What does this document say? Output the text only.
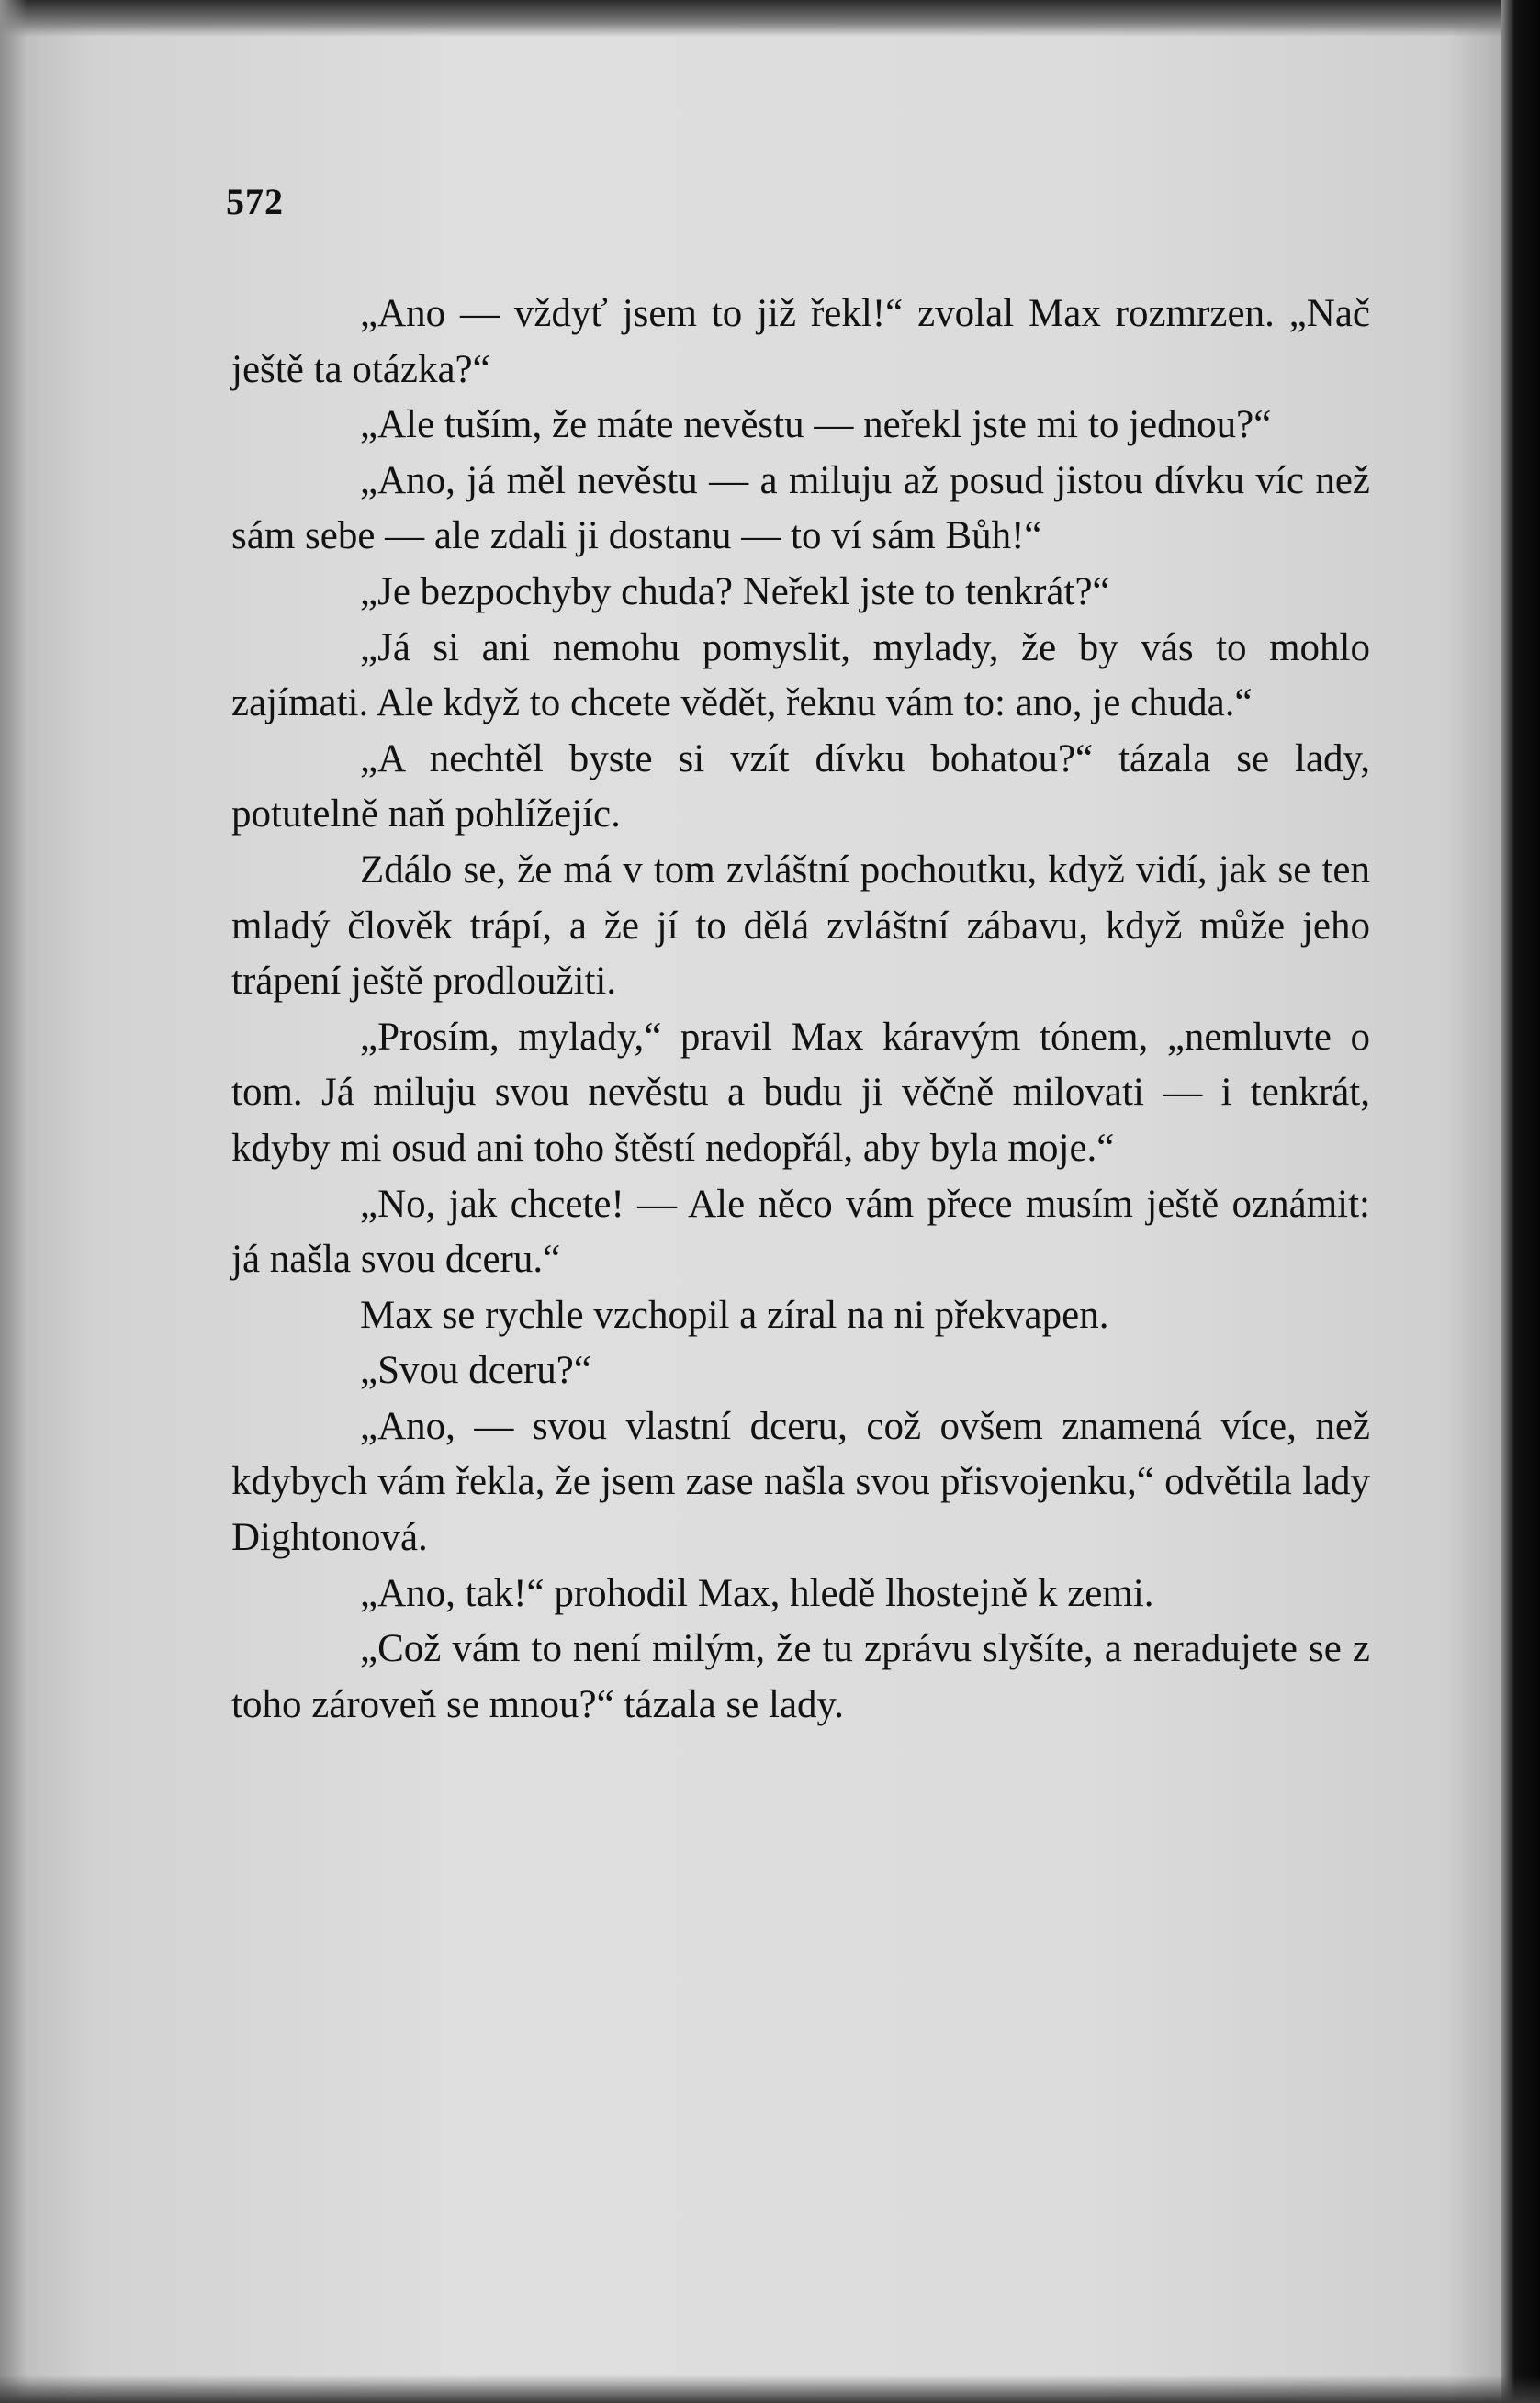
572

„Ano — vždyť jsem to již řekl!“ zvolal Max rozmrzen. „Nač ještě ta otázka?“

„Ale tuším, že máte nevěstu — neřekl jste mi to jednou?“

„Ano, já měl nevěstu — a miluju až posud jistou dívku víc než sám sebe — ale zdali ji dostanu — to ví sám Bůh!“

„Je bezpochyby chuda? Neřekl jste to tenkrát?“

„Já si ani nemohu pomyslit, mylady, že by vás to mohlo zajímati. Ale když to chcete vědět, řeknu vám to: ano, je chuda.“

„A nechtěl byste si vzít dívku bohatou?“ tázala se lady, potutelně naň pohlížejíc.

Zdálo se, že má v tom zvláštní pochoutku, když vidí, jak se ten mladý člověk trápí, a že jí to dělá zvláštní zábavu, když může jeho trápení ještě prodloužiti.

„Prosím, mylady,“ pravil Max káravým tónem, „nemluvte o tom. Já miluju svou nevěstu a budu ji věčně milovati — i tenkrát, kdyby mi osud ani toho štěstí nedopřál, aby byla moje.“

„No, jak chcete! — Ale něco vám přece musím ještě oznámit: já našla svou dceru.“

Max se rychle vzchopil a zíral na ni překvapen.

„Svou dceru?“

„Ano, — svou vlastní dceru, což ovšem znamená více, než kdybych vám řekla, že jsem zase našla svou přisvojenku,“ odvětila lady Dightonová.

„Ano, tak!“ prohodil Max, hledě lhostejně k zemi.

„Což vám to není milým, že tu zprávu slyšíte, a neradujete se z toho zároveň se mnou?“ tázala se lady.
